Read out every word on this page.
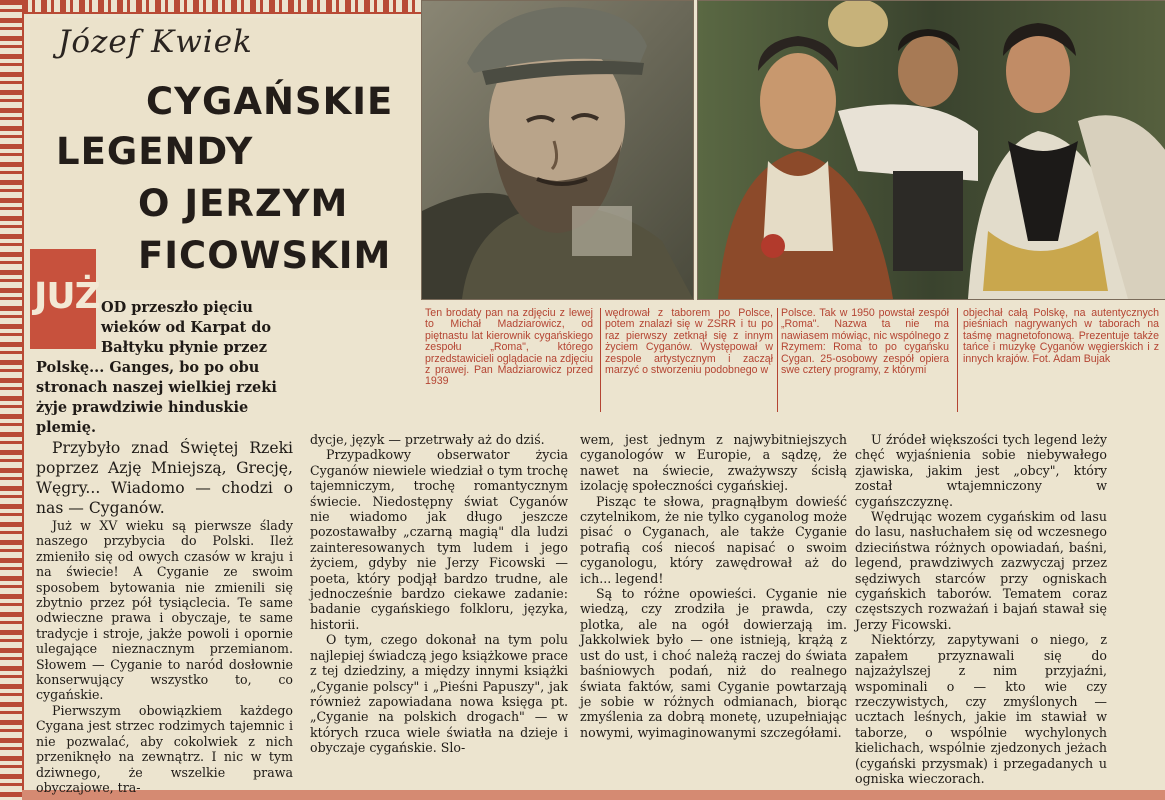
Józef Kwiek
CYGAŃSKIE
LEGENDY
O JERZYM
FICOWSKIM
Ten brodaty pan na zdjęciu z lewej to Michał Madziarowicz, od piętnastu lat kierownik cygańskiego zespołu „Roma", którego przedstawicieli oglądacie na zdjęciu z prawej. Pan Madziarowicz przed 1939
wędrował z taborem po Polsce, potem znalazł się w ZSRR i tu po raz pierwszy zetknął się z innym życiem Cyganów. Występował w zespole artystycznym i zaczął marzyć o stworzeniu podobnego w
Polsce. Tak w 1950 powstał zespół „Roma". Nazwa ta nie ma nawiasem mówiąc, nic wspólnego z Rzymem: Roma to po cygańsku Cygan. 25-osobowy zespół opiera swe cztery programy, z którymi
objechał całą Polskę, na autentycznych pieśniach nagrywanych w taborach na taśmę magnetofonową. Prezentuje także tańce i muzykę Cyganów węgierskich i z innych krajów. Fot. Adam Bujak
JUŻ OD przeszło pięciu
wieków od Karpat do
Bałtyku płynie przez
Polskę... Ganges, bo po obu
stronach naszej wielkiej rzeki
żyje prawdziwie hinduskie
plemię.

Przybyło znad Świętej Rzeki poprzez Azję Mniejszą, Grecję, Węgry... Wiadomo — chodzi o nas — Cyganów.

Już w XV wieku są pierwsze ślady naszego przybycia do Polski. Ileż zmieniło się od owych czasów w kraju i na świecie! A Cyganie ze swoim sposobem bytowania nie zmienili się zbytnio przez pół tysiąclecia. Te same odwieczne prawa i obyczaje, te same tradycje i stroje, jakże powoli i opornie ulegające nieznacznym przemianom. Słowem — Cyganie to naród dosłownie konserwujący wszystko to, co cygańskie.

Pierwszym obowiązkiem każdego Cygana jest strzec rodzimych tajemnic i nie pozwalać, aby cokolwiek z nich przeniknęło na zewnątrz. I nic w tym dziwnego, że wszelkie prawa obyczajowe, tra-

dycje, język — przetrwały aż do dziś.

Przypadkowy obserwator życia Cyganów niewiele wiedział o tym trochę tajemniczym, trochę romantycznym świecie. Niedostępny świat Cyganów nie wiadomo jak długo jeszcze pozostawałby „czarną magią" dla ludzi zainteresowanych tym ludem i jego życiem, gdyby nie Jerzy Ficowski — poeta, który podjął bardzo trudne, ale jednocześnie bardzo ciekawe zadanie: badanie cygańskiego folkloru, języka, historii.

O tym, czego dokonał na tym polu najlepiej świadczą jego książkowe prace z tej dziedziny, a między innymi książki „Cyganie polscy" i „Pieśni Papuszy", jak również zapowiadana nowa księga pt. „Cyganie na polskich drogach" — w których rzuca wiele światła na dzieje i obyczaje cygańskie. Slo-

wem, jest jednym z najwybitniejszych cyganologów w Europie, a sądzę, że nawet na świecie, zważywszy ścisłą izolację społeczności cygańskiej.

Pisząc te słowa, pragnąłbym dowieść czytelnikom, że nie tylko cyganolog może pisać o Cyganach, ale także Cyganie potrafią coś niecoś napisać o swoim cyganologu, który zawędrował aż do ich... legend!

Są to różne opowieści. Cyganie nie wiedzą, czy zrodziła je prawda, czy plotka, ale na ogół dowierzają im. Jakkolwiek było — one istnieją, krążą z ust do ust, i choć należą raczej do świata baśniowych podań, niż do realnego świata faktów, sami Cyganie powtarzają je sobie w różnych odmianach, biorąc zmyślenia za dobrą monetę, uzupełniając nowymi, wyimaginowanymi szczegółami.

U źródeł większości tych legend leży chęć wyjaśnienia sobie niebywałego zjawiska, jakim jest „obcy", który został wtajemniczony w cygańszczyznę.

Wędrując wozem cygańskim od lasu do lasu, nasłuchałem się od wczesnego dzieciństwa różnych opowiadań, baśni, legend, prawdziwych zazwyczaj przez sędziwych starców przy ogniskach cygańskich taborów. Tematem coraz częstszych rozważań i bajań stawał się Jerzy Ficowski.

Niektórzy, zapytywani o niego, z zapałem przyznawali się do najzażylszej z nim przyjaźni, wspominali o — kto wie czy rzeczywistych, czy zmyślonych — ucztach leśnych, jakie im stawiał w taborze, o wspólnie wychylonych kielichach, wspólnie zjedzonych jeżach (cygański przysmak) i przegadanych u ogniska wieczorach.
